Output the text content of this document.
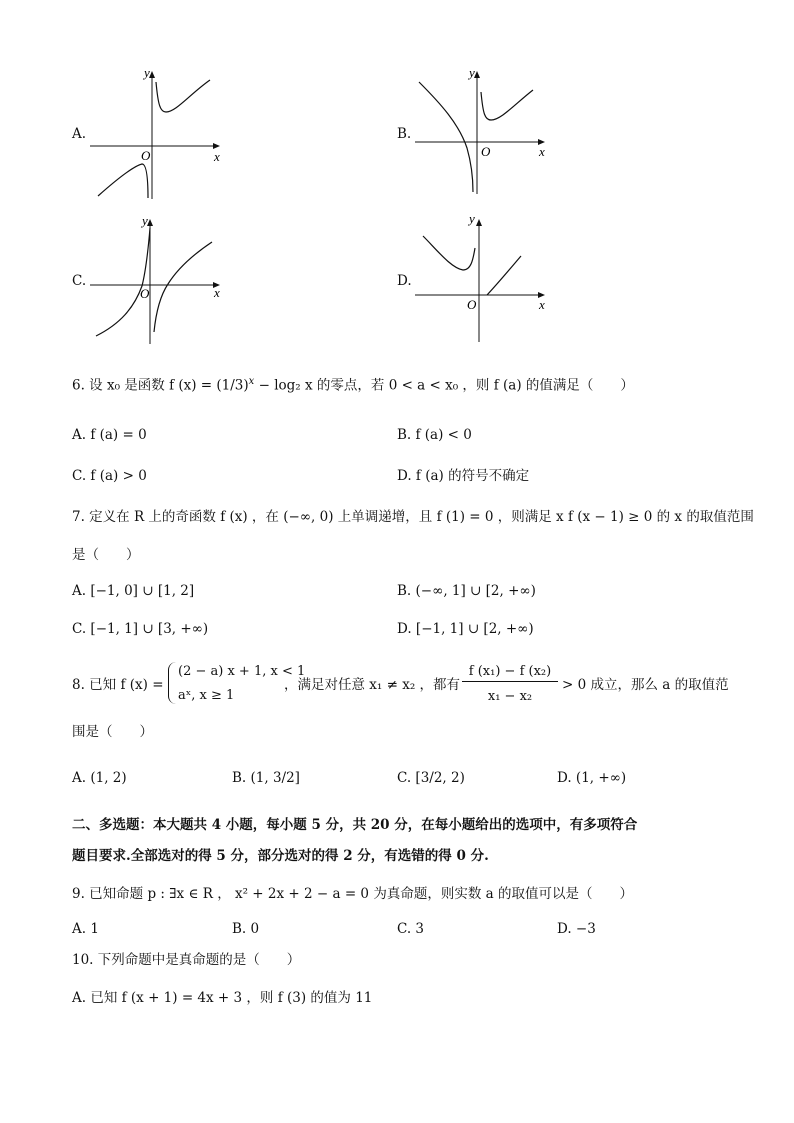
A.
x
y
O
B.
x
y
O
C.
x
y
O
D.
x
y
O
6. 设 x₀ 是函数 f $(x) = (1/3)^x - \log_2$ x 的零点，若 0 < a < x₀ ，则 f (a) 的值满足（　　）
A. f (a) = 0	B. f (a) < 0
C. f (a) > 0	D. f (a) 的符号不确定
7. 定义在 R 上的奇函数 f (x) ，在 (−∞, 0) 上单调递增，且 f (1) = 0 ，则满足 x f (x − 1) ≥ 0 的 x 的取值范围
是（　　）
A. [−1, 0] ∪ [1, 2]	B. (−∞, 1] ∪ [2, +∞)
C. [−1, 1] ∪ [3, +∞)	D. [−1, 1] ∪ [2, +∞)
8. 已知 f (x) =
(2 − a) x + 1, x < 1
aˣ, x ≥ 1
，满足对任意 x₁ ≠ x₂ ，都有
f (x₁) − f (x₂)
x₁ − x₂
> 0 成立，那么 a 的取值范
围是（　　）
A. (1, 2)	B. (1, 3/2]	C. [3/2, 2)	D. (1, +∞)
二、多选题：本大题共 4 小题，每小题 5 分，共 20 分，在每小题给出的选项中，有多项符合
题目要求.全部选对的得 5 分，部分选对的得 2 分，有选错的得 0 分.
9. 已知命题 p : ∃x ∈ R ， x² + 2x + 2 − a = 0 为真命题，则实数 a 的取值可以是（　　）
A. 1	B. 0	C. 3	D. −3
10. 下列命题中是真命题的是（　　）
A. 已知 f (x + 1) = 4x + 3 ，则 f (3) 的值为 11
